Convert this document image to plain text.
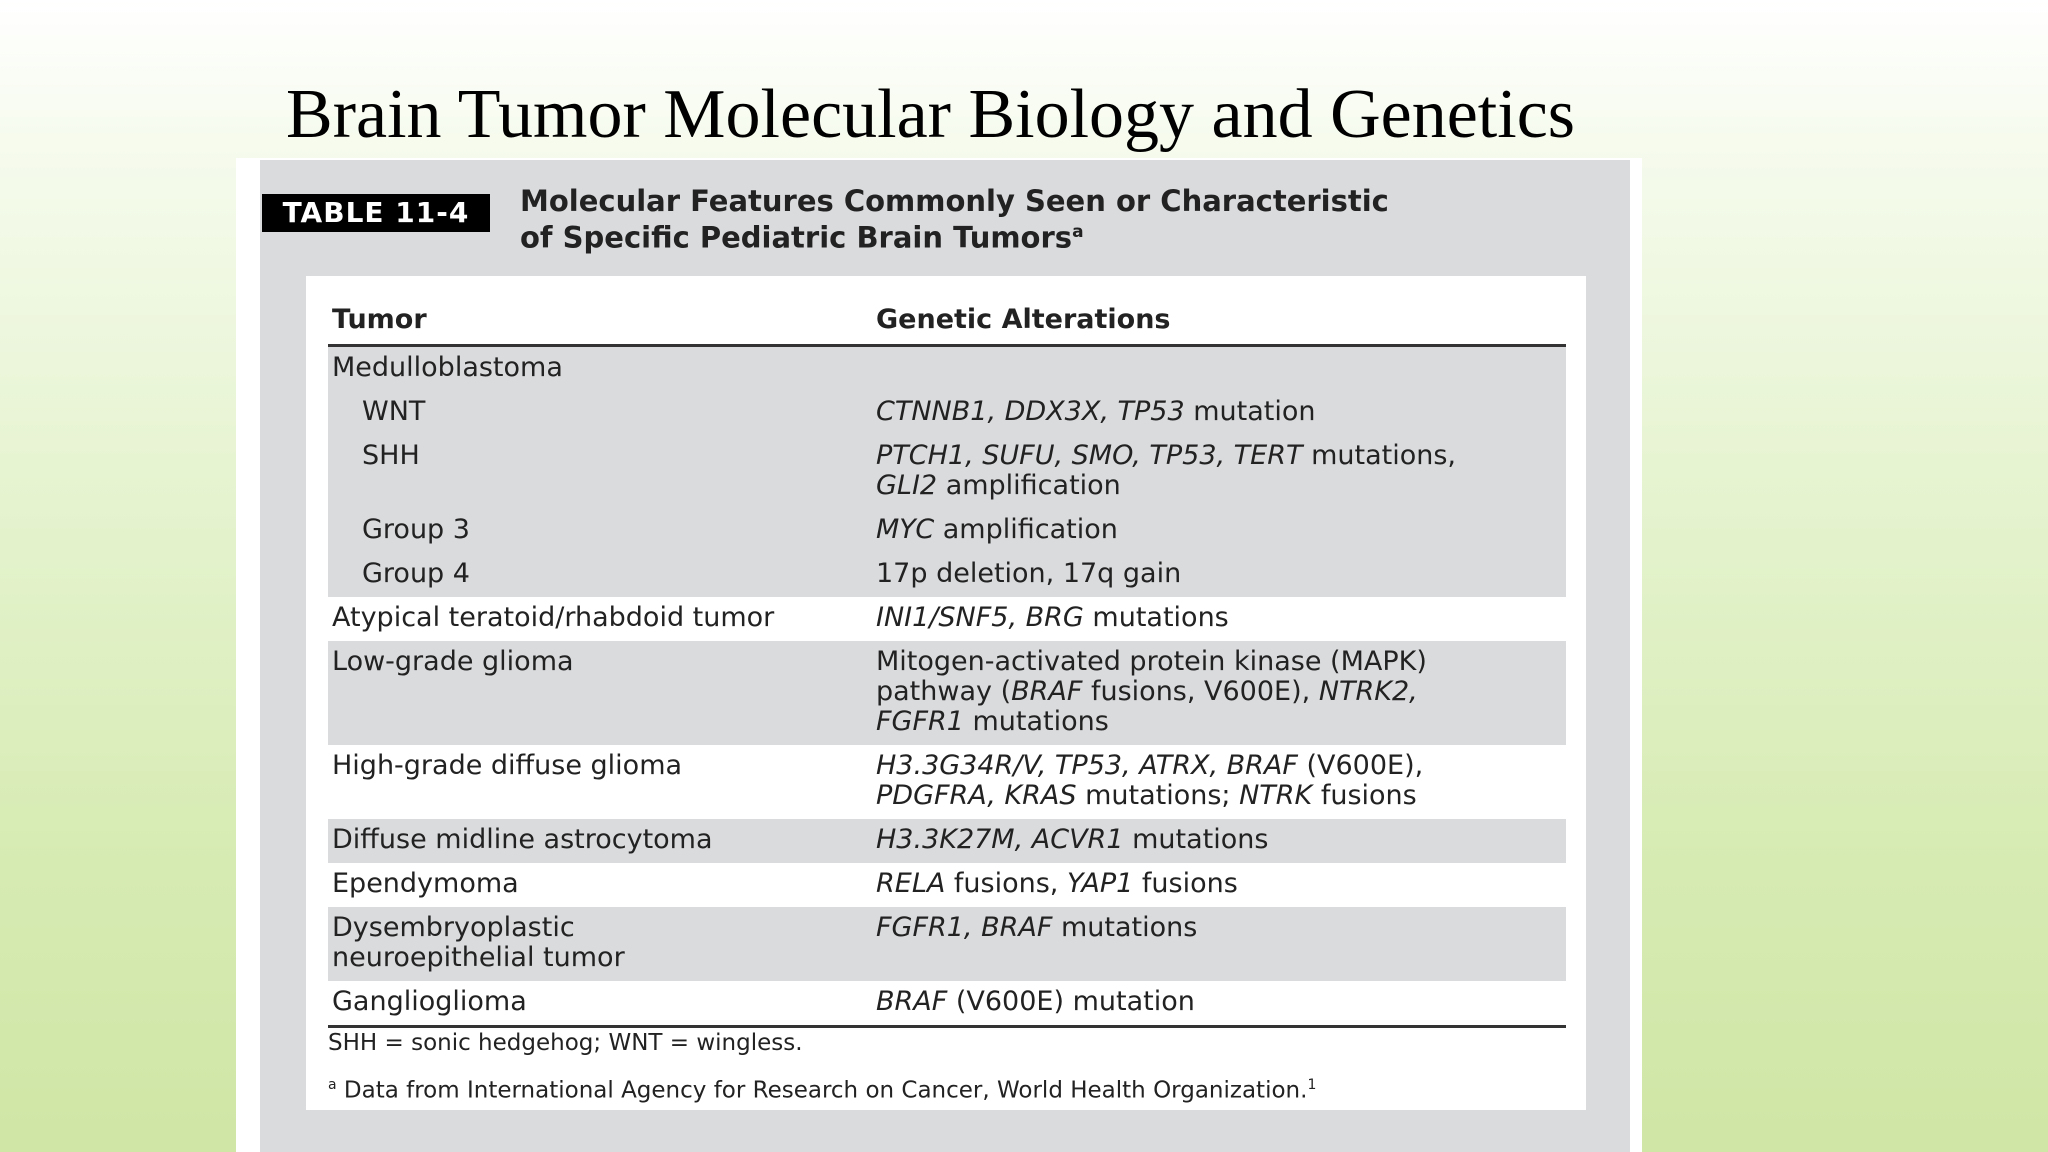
Brain Tumor Molecular Biology and Genetics
TABLE 11-4	Molecular Features Commonly Seen or Characteristic
of Specific Pediatric Brain Tumors$^a$

Tumor	Genetic Alterations
Medulloblastoma	
WNT	CTNNB1, DDX3X, TP53 mutation
SHH	PTCH1, SUFU, SMO, TP53, TERT mutations,
GLI2 amplification
Group 3	MYC amplification
Group 4	17p deletion, 17q gain
Atypical teratoid/rhabdoid tumor	INI1/SNF5, BRG mutations
Low-grade glioma	Mitogen-activated protein kinase (MAPK)
pathway (BRAF fusions, V600E), NTRK2,
FGFR1 mutations
High-grade diffuse glioma	H3.3G34R/V, TP53, ATRX, BRAF (V600E),
PDGFRA, KRAS mutations; NTRK fusions
Diffuse midline astrocytoma	H3.3K27M, ACVR1 mutations
Ependymoma	RELA fusions, YAP1 fusions
Dysembryoplastic
neuroepithelial tumor	FGFR1, BRAF mutations
Ganglioglioma	BRAF (V600E) mutation

SHH = sonic hedgehog; WNT = wingless.

$^a$ Data from International Agency for Research on Cancer, World Health Organization.$^1$
